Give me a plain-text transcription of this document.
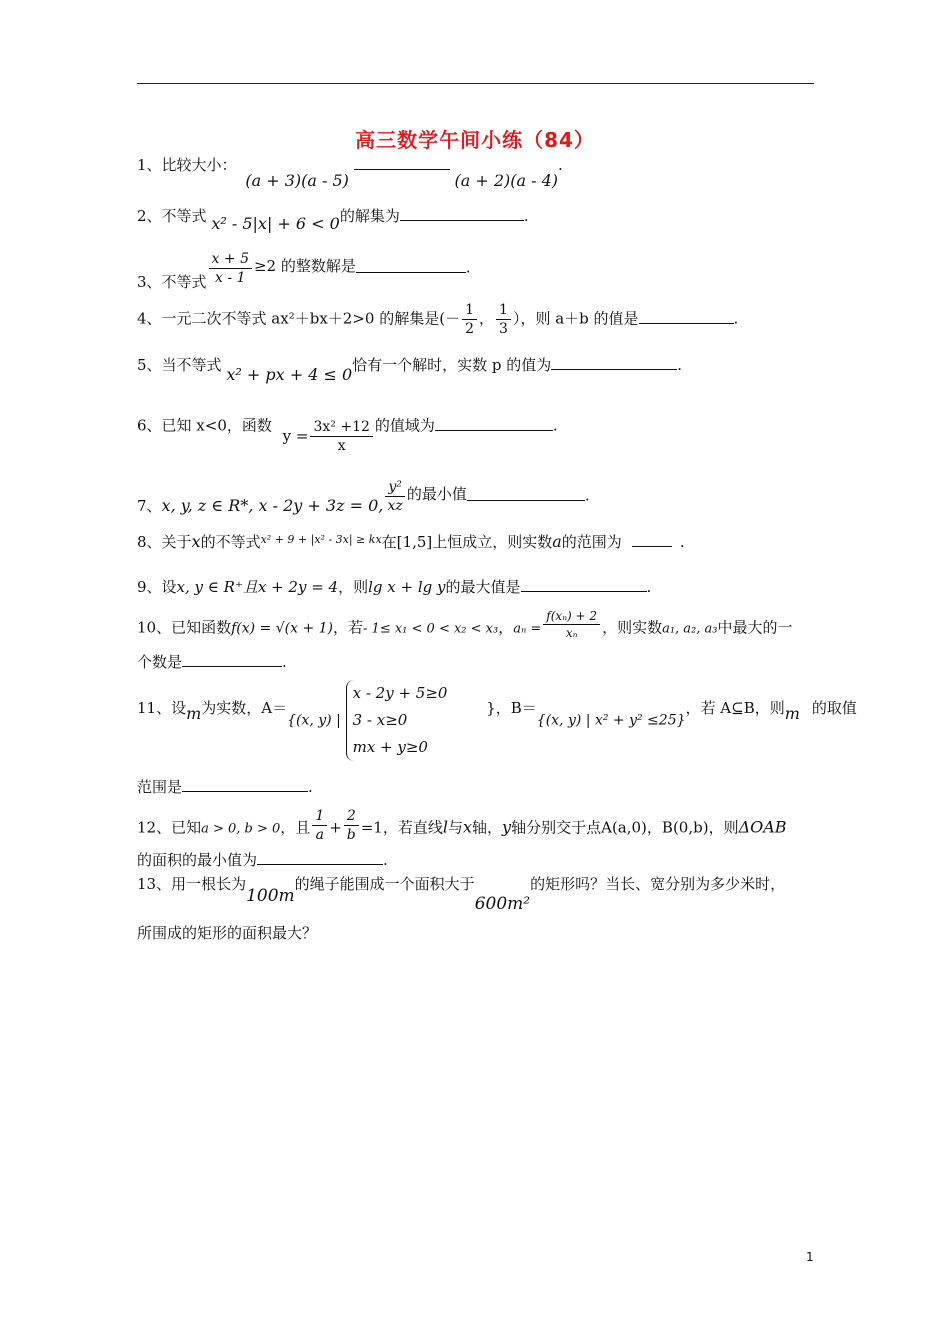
高三数学午间小练（84）
1、比较大小： (a + 3)(a - 5)	(a + 2)(a - 4).
2、不等式 x² - 5|x| + 6 < 0的解集为	.
3、不等式 $\frac{x + 5}{x - 1} \ge 2$ 的整数解是	.
4、一元二次不等式 ax²＋bx＋2>0 的解集是(－ $\frac{1}{2}$ ， $\frac{1}{3}$ ），则 a＋b 的值是	.
5、当不等式 x² + px + 4 ≤ 0恰有一个解时，实数 p 的值为	.
6、已知 x<0，函数 $y = \frac{\text{3x² +12}}{x}$ 的值域为	.
7、x, y, z ∈ R*, x - 2y + 3z = 0, $\frac{\text{y²}}{xz}$ 的最小值	.
8、关于x的不等式$^{x^2 + 9 + |x^2 - 3x| \ge kx}$在[1,5]上恒成立，则实数a的范围为	.
9、设x, y ∈ R⁺且x + 2y = 4，则lg x + lg y的最大值是	.
10、已知函数f(x) = √(x + 1)，若- 1≤ x₁ < 0 < x₂ < x₃，$a_n = \frac{\text{f(xₙ) + 2}}{\text{xₙ}}$ ，则实数a₁, a₂, a₃中最大的一
个数是	.
11、设m为实数，A＝{(x, y) |
x - 2y + 5≥0
3 - x≥0
mx + y≥0
}，B＝{(x, y) | x² + y² ≤25}，若 A⊆B，则m 的取值
范围是	.
12、已知a > 0, b > 0，且 $\frac{1}{a} + \frac{2}{b} =1$，若直线l与x轴，y轴分别交于点A(a,0)，B(0,b)，则ΔOAB
的面积的最小值为	.
13、用一根长为100m的绳子能围成一个面积大于600m²的矩形吗？当长、宽分别为多少米时，
所围成的矩形的面积最大？
1
